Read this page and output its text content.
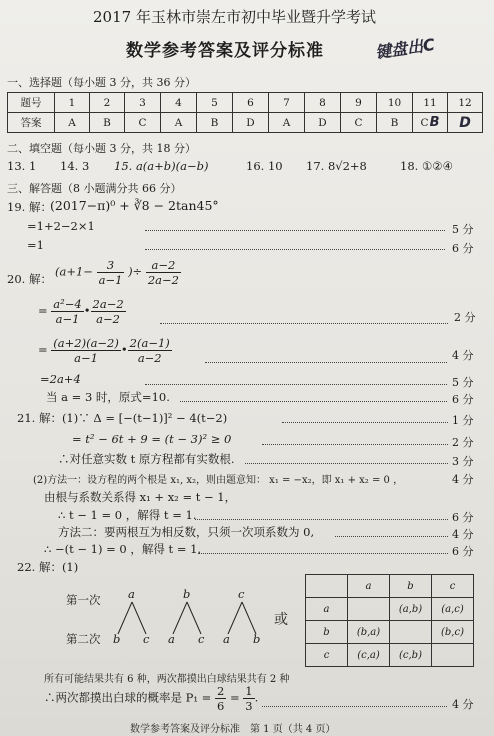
2017 年玉林市崇左市初中毕业暨升学考试
数学参考答案及评分标准	键盘出C
一、选择题（每小题 3 分，共 36 分）
题号	1	2	3	4	5	6	7	8	9	10	11	12
答案	A	B	C	A	B	D	A	D	C	B	CB	D
二、填空题（每小题 3 分，共 18 分）
13. 1 14. 3 15. a(a+b)(a−b)	16. 10 17. 8√2+8	18. ①②④
三、解答题（8 小题满分共 66 分）
19. 解：
(2017−π)⁰ + ∛8 − 2tan45°
=1+2−2×1	5 分
=1	6 分
20. 解：
($a+1- \frac{3}{a-1}$ )÷ $\frac{a-2}{2a-2}$
= $\frac{\text{a²−4}}{a-1}$ • $\frac{2a-2}{a-2}$	2 分
= $\frac{(a+2)(a-2)}{a-1}$ • $\frac{2(a-1)}{a-2}$	4 分
=2a+4	5 分
当 a = 3 时，原式=10.	6 分
21. 解：(1)∵ Δ = [−(t−1)]² − 4(t−2)	1 分
= t² − 6t + 9 = (t − 3)² ≥ 0	2 分
∴对任意实数 t 原方程都有实数根.	3 分
(2)方法一：设方程的两个根是 x₁, x₂，则由题意知： x₁ = −x₂，即 x₁ + x₂ = 0 ，	4 分
由根与系数关系得 x₁ + x₂ = t − 1，
∴ t − 1 = 0 ，解得 t = 1.	6 分
方法二：要两根互为相反数，只须一次项系数为 0,	4 分
∴ −(t − 1) = 0 ，解得 t = 1.	6 分
22. 解：(1)
第一次
第二次
a
b c
b
a c
c
a b
或
	a	b	c
a		(a,b)	(a,c)
b	(b,a)		(b,c)
c	(c,a)	(c,b)	
所有可能结果共有 6 种，两次都摸出白球结果共有 2 种
∴两次都摸出白球的概率是 $P_1 = \frac{2}{6} = \frac{1}{3}$ .	4 分
数学参考答案及评分标准　第 1 页（共 4 页）
